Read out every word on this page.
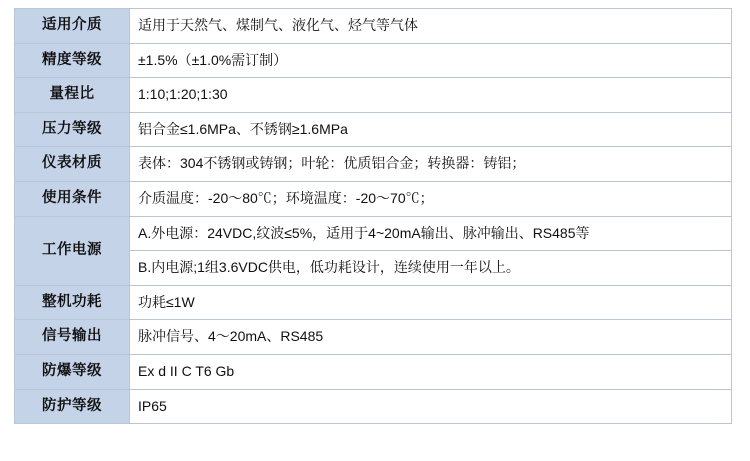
适用介质	适用于天然气、煤制气、液化气、烃气等气体
精度等级	±1.5%（±1.0%需订制）
量程比	1:10;1:20;1:30
压力等级	铝合金≤1.6MPa、不锈钢≥1.6MPa
仪表材质	表体：304不锈钢或铸钢；叶轮：优质铝合金；转换器：铸铝；
使用条件	介质温度：-20～80℃；环境温度：-20～70℃；
工作电源	A.外电源：24VDC,纹波≤5%，适用于4~20mA输出、脉冲输出、RS485等
	B.内电源;1组3.6VDC供电，低功耗设计，连续使用一年以上。
整机功耗	功耗≤1W
信号输出	脉冲信号、4～20mA、RS485
防爆等级	Ex d II C T6 Gb
防护等级	IP65
